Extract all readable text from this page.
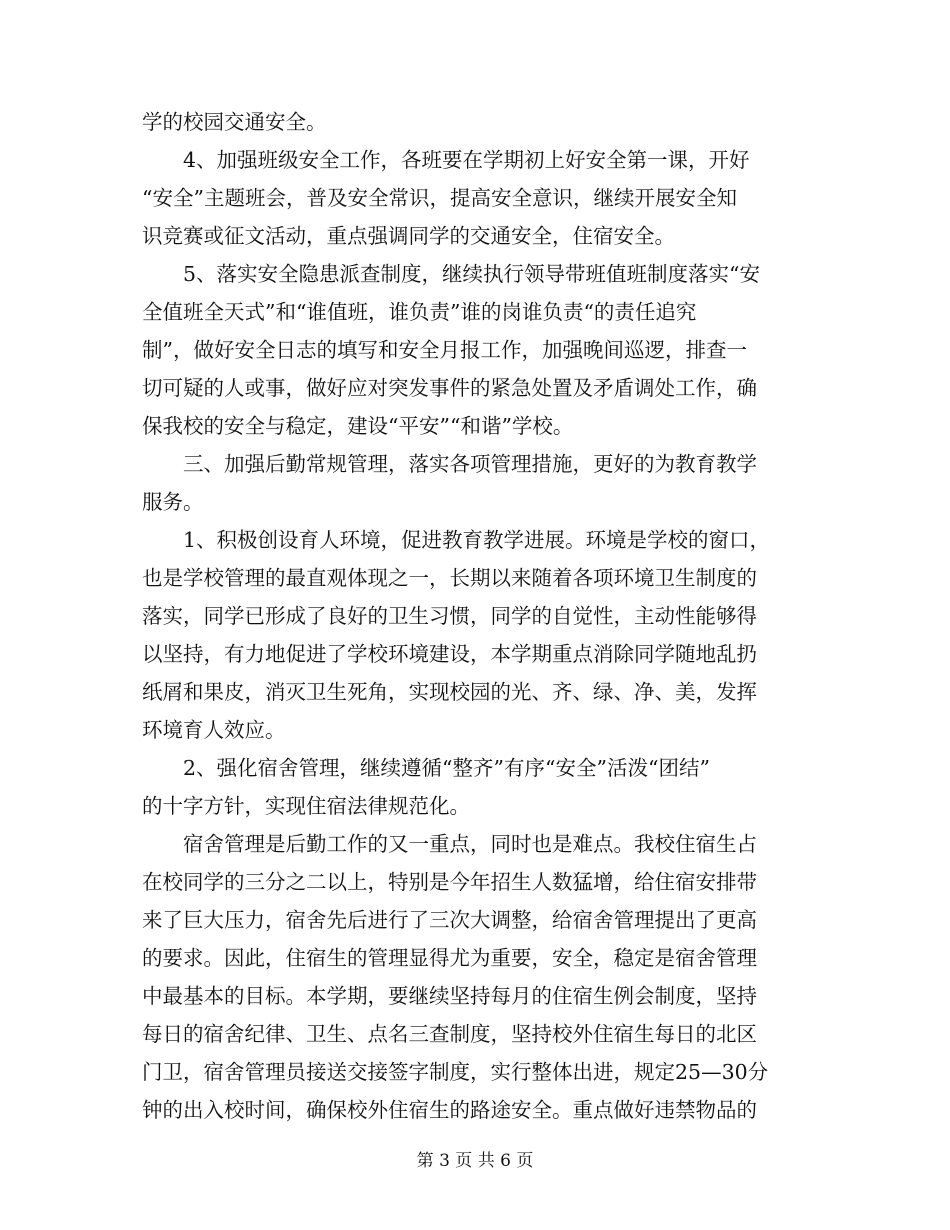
学的校园交通安全。
4、加强班级安全工作，各班要在学期初上好安全第一课，开好
“安全”主题班会，普及安全常识，提高安全意识，继续开展安全知
识竞赛或征文活动，重点强调同学的交通安全，住宿安全。
5、落实安全隐患派查制度，继续执行领导带班值班制度落实“安
全值班全天式”和“谁值班，谁负责”谁的岗谁负责“的责任追究
制”，做好安全日志的填写和安全月报工作，加强晚间巡逻，排查一
切可疑的人或事，做好应对突发事件的紧急处置及矛盾调处工作，确
保我校的安全与稳定，建设“平安”“和谐”学校。
三、加强后勤常规管理，落实各项管理措施，更好的为教育教学
服务。
1、积极创设育人环境，促进教育教学进展。环境是学校的窗口，
也是学校管理的最直观体现之一，长期以来随着各项环境卫生制度的
落实，同学已形成了良好的卫生习惯，同学的自觉性，主动性能够得
以坚持，有力地促进了学校环境建设，本学期重点消除同学随地乱扔
纸屑和果皮，消灭卫生死角，实现校园的光、齐、绿、净、美，发挥
环境育人效应。
2、强化宿舍管理，继续遵循“整齐”有序“安全”活泼“团结”
的十字方针，实现住宿法律规范化。
宿舍管理是后勤工作的又一重点，同时也是难点。我校住宿生占
在校同学的三分之二以上，特别是今年招生人数猛增，给住宿安排带
来了巨大压力，宿舍先后进行了三次大调整，给宿舍管理提出了更高
的要求。因此，住宿生的管理显得尤为重要，安全，稳定是宿舍管理
中最基本的目标。本学期，要继续坚持每月的住宿生例会制度，坚持
每日的宿舍纪律、卫生、点名三查制度，坚持校外住宿生每日的北区
门卫，宿舍管理员接送交接签字制度，实行整体出进，规定25—30分
钟的出入校时间，确保校外住宿生的路途安全。重点做好违禁物品的
第 3 页 共 6 页
